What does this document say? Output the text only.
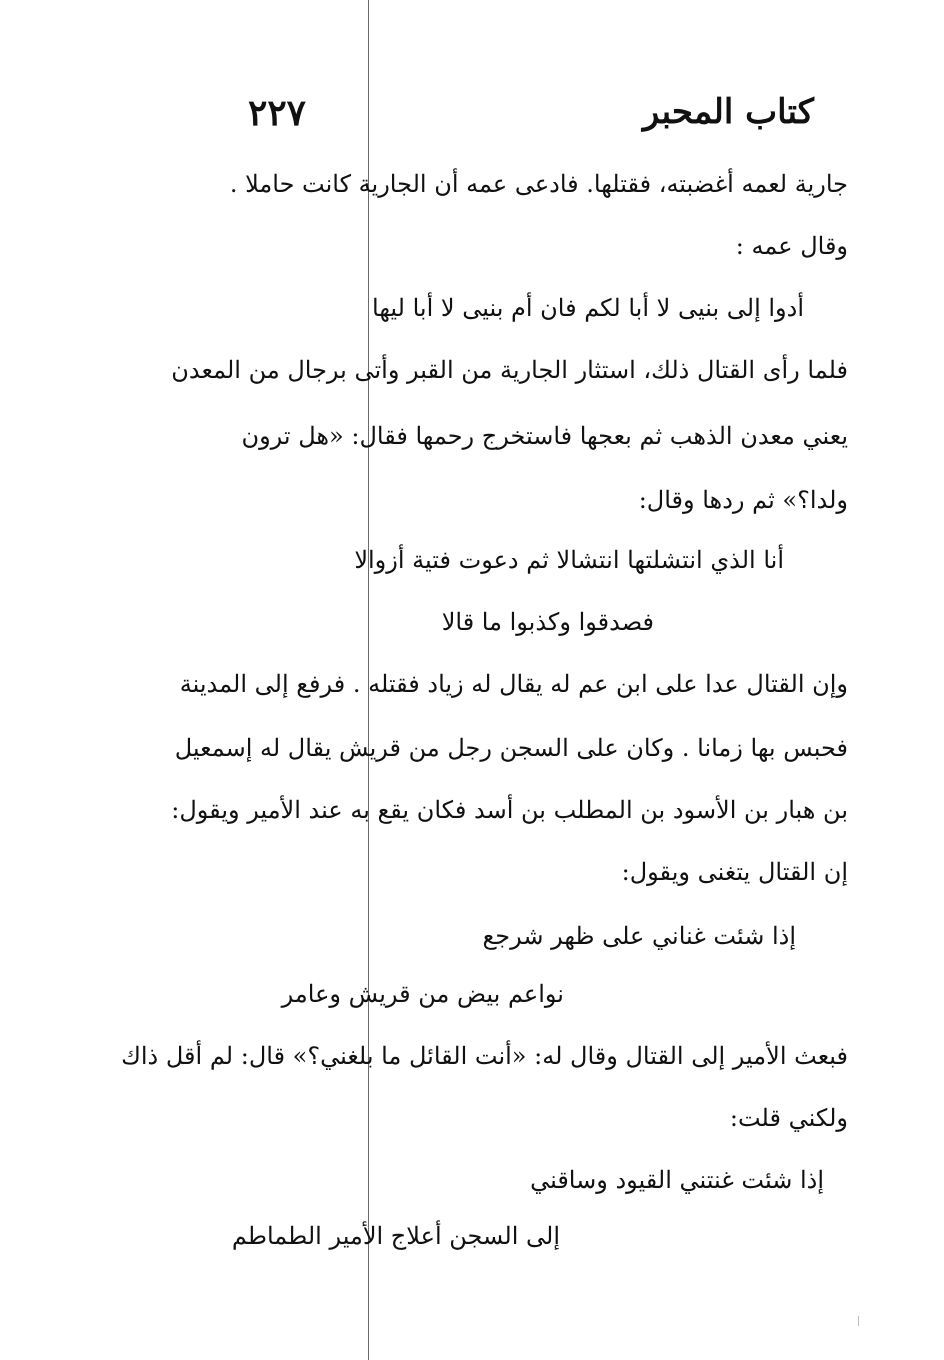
كتاب المحبر
٢٢٧
جارية لعمه أغضبته، فقتلها. فادعى عمه أن الجارية كانت حاملا .
وقال عمه :
أدوا إلى بنيى لا أبا لكم فان أم بنيى لا أبا ليها
فلما رأى القتال ذلك، استثار الجارية من القبر وأتى برجال من المعدن
يعني معدن الذهب ثم بعجها فاستخرج رحمها فقال: «هل ترون
ولدا؟» ثم ردها وقال:
أنا الذي انتشلتها انتشالا ثم دعوت فتية أزوالا
فصدقوا وكذبوا ما قالا
وإن القتال عدا على ابن عم له يقال له زياد فقتله . فرفع إلى المدينة
فحبس بها زمانا . وكان على السجن رجل من قريش يقال له إسمعيل
بن هبار بن الأسود بن المطلب بن أسد فكان يقع به عند الأمير ويقول:
إن القتال يتغنى ويقول:
إذا شئت غناني على ظهر شرجع
نواعم بيض من قريش وعامر
فبعث الأمير إلى القتال وقال له: «أنت القائل ما بلغني؟» قال: لم أقل ذاك
ولكني قلت:
إذا شئت غنتني القيود وساقني
إلى السجن أعلاج الأمير الطماطم
